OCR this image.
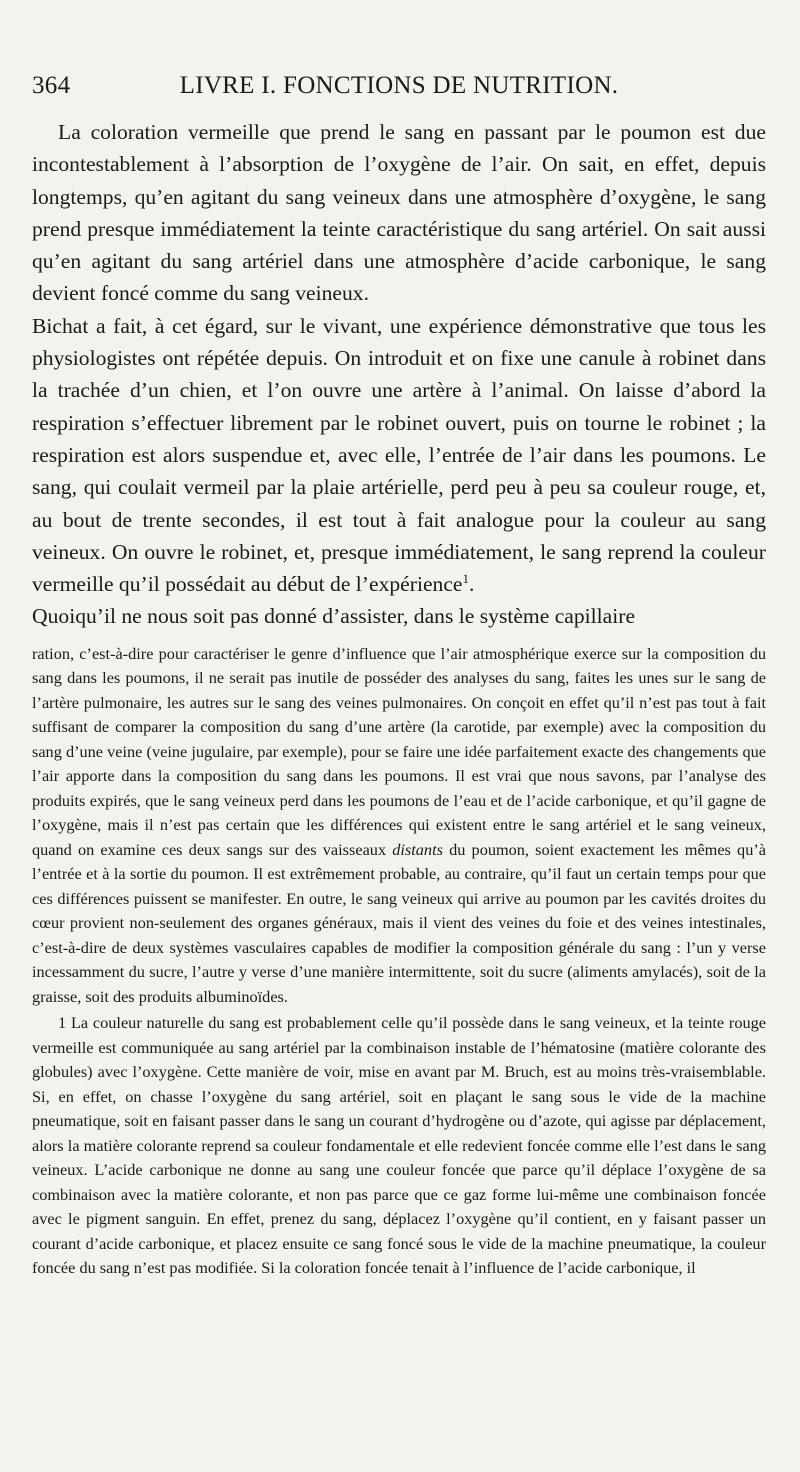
364	LIVRE I. FONCTIONS DE NUTRITION.

La coloration vermeille que prend le sang en passant par le poumon est due incontestablement à l’absorption de l’oxygène de l’air. On sait, en effet, depuis longtemps, qu’en agitant du sang veineux dans une atmosphère d’oxygène, le sang prend presque immédiatement la teinte caractéristique du sang artériel. On sait aussi qu’en agitant du sang artériel dans une atmosphère d’acide carbonique, le sang devient foncé comme du sang veineux.

Bichat a fait, à cet égard, sur le vivant, une expérience démonstrative que tous les physiologistes ont répétée depuis. On introduit et on fixe une canule à robinet dans la trachée d’un chien, et l’on ouvre une artère à l’animal. On laisse d’abord la respiration s’effectuer librement par le robinet ouvert, puis on tourne le robinet ; la respiration est alors suspendue et, avec elle, l’entrée de l’air dans les poumons. Le sang, qui coulait vermeil par la plaie artérielle, perd peu à peu sa couleur rouge, et, au bout de trente secondes, il est tout à fait analogue pour la couleur au sang veineux. On ouvre le robinet, et, presque immédiatement, le sang reprend la couleur vermeille qu’il possédait au début de l’expérience$^1$.

Quoiqu’il ne nous soit pas donné d’assister, dans le système capillaire

ration, c’est-à-dire pour caractériser le genre d’influence que l’air atmosphérique exerce sur la composition du sang dans les poumons, il ne serait pas inutile de posséder des analyses du sang, faites les unes sur le sang de l’artère pulmonaire, les autres sur le sang des veines pulmonaires. On conçoit en effet qu’il n’est pas tout à fait suffisant de comparer la composition du sang d’une artère (la carotide, par exemple) avec la composition du sang d’une veine (veine jugulaire, par exemple), pour se faire une idée parfaitement exacte des changements que l’air apporte dans la composition du sang dans les poumons. Il est vrai que nous savons, par l’analyse des produits expirés, que le sang veineux perd dans les poumons de l’eau et de l’acide carbonique, et qu’il gagne de l’oxygène, mais il n’est pas certain que les différences qui existent entre le sang artériel et le sang veineux, quand on examine ces deux sangs sur des vaisseaux distants du poumon, soient exactement les mêmes qu’à l’entrée et à la sortie du poumon. Il est extrêmement probable, au contraire, qu’il faut un certain temps pour que ces différences puissent se manifester. En outre, le sang veineux qui arrive au poumon par les cavités droites du cœur provient non-seulement des organes généraux, mais il vient des veines du foie et des veines intestinales, c’est-à-dire de deux systèmes vasculaires capables de modifier la composition générale du sang : l’un y verse incessamment du sucre, l’autre y verse d’une manière intermittente, soit du sucre (aliments amylacés), soit de la graisse, soit des produits albuminoïdes.

1 La couleur naturelle du sang est probablement celle qu’il possède dans le sang veineux, et la teinte rouge vermeille est communiquée au sang artériel par la combinaison instable de l’hématosine (matière colorante des globules) avec l’oxygène. Cette manière de voir, mise en avant par M. Bruch, est au moins très-vraisemblable. Si, en effet, on chasse l’oxygène du sang artériel, soit en plaçant le sang sous le vide de la machine pneumatique, soit en faisant passer dans le sang un courant d’hydrogène ou d’azote, qui agisse par déplacement, alors la matière colorante reprend sa couleur fondamentale et elle redevient foncée comme elle l’est dans le sang veineux. L’acide carbonique ne donne au sang une couleur foncée que parce qu’il déplace l’oxygène de sa combinaison avec la matière colorante, et non pas parce que ce gaz forme lui-même une combinaison foncée avec le pigment sanguin. En effet, prenez du sang, déplacez l’oxygène qu’il contient, en y faisant passer un courant d’acide carbonique, et placez ensuite ce sang foncé sous le vide de la machine pneumatique, la couleur foncée du sang n’est pas modifiée. Si la coloration foncée tenait à l’influence de l’acide carbonique, il
